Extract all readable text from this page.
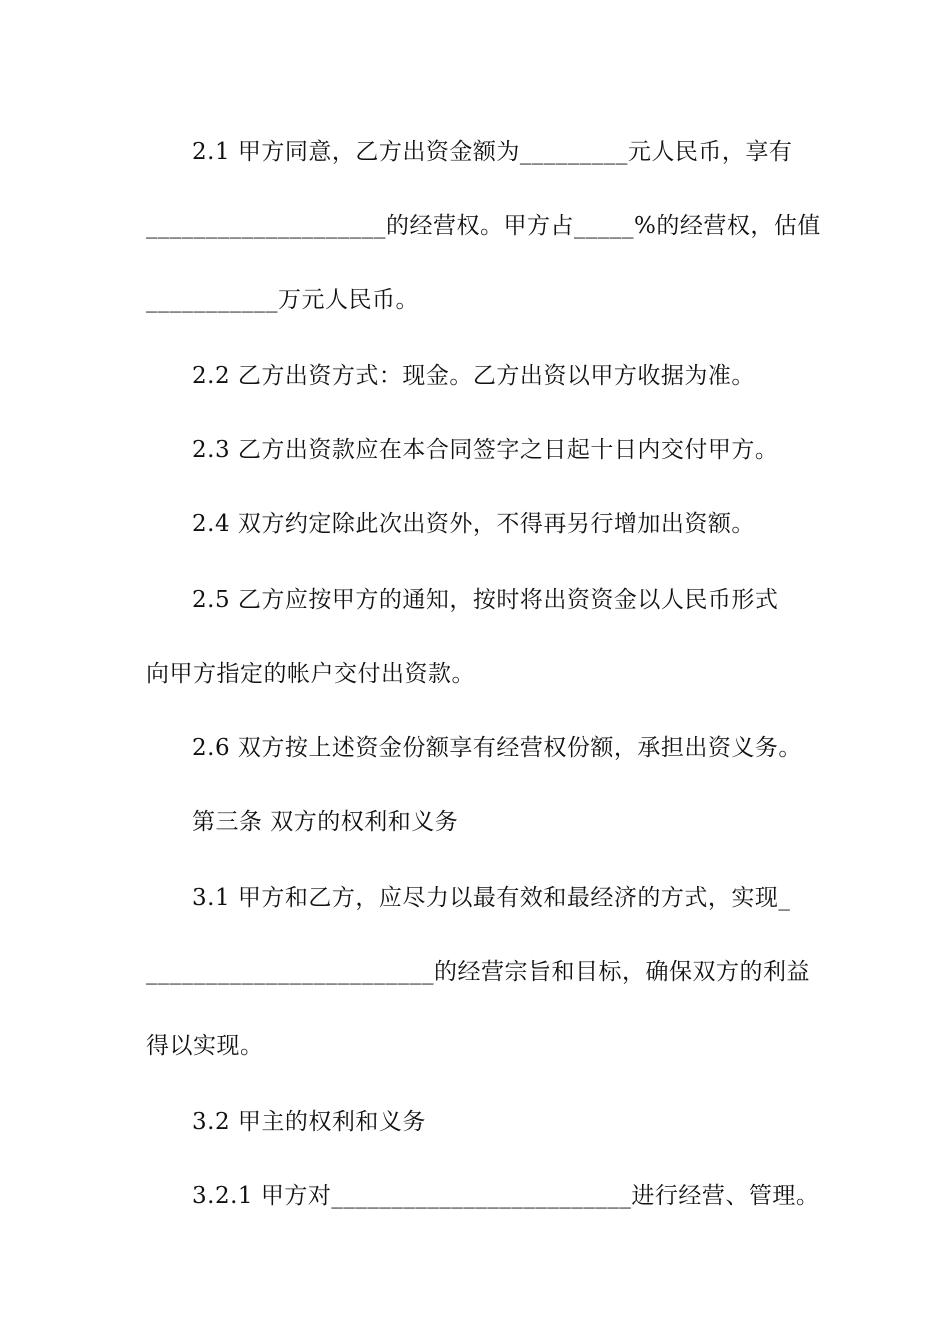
2.1 甲方同意，乙方出资金额为_________元人民币，享有
____________________的经营权。甲方占_____%的经营权，估值
___________万元人民币。
2.2 乙方出资方式：现金。乙方出资以甲方收据为准。
2.3 乙方出资款应在本合同签字之日起十日内交付甲方。
2.4 双方约定除此次出资外，不得再另行增加出资额。
2.5 乙方应按甲方的通知，按时将出资资金以人民币形式
向甲方指定的帐户交付出资款。
2.6 双方按上述资金份额享有经营权份额，承担出资义务。
第三条 双方的权利和义务
3.1 甲方和乙方，应尽力以最有效和最经济的方式，实现_
________________________的经营宗旨和目标，确保双方的利益
得以实现。
3.2 甲主的权利和义务
3.2.1 甲方对_________________________进行经营、管理。
